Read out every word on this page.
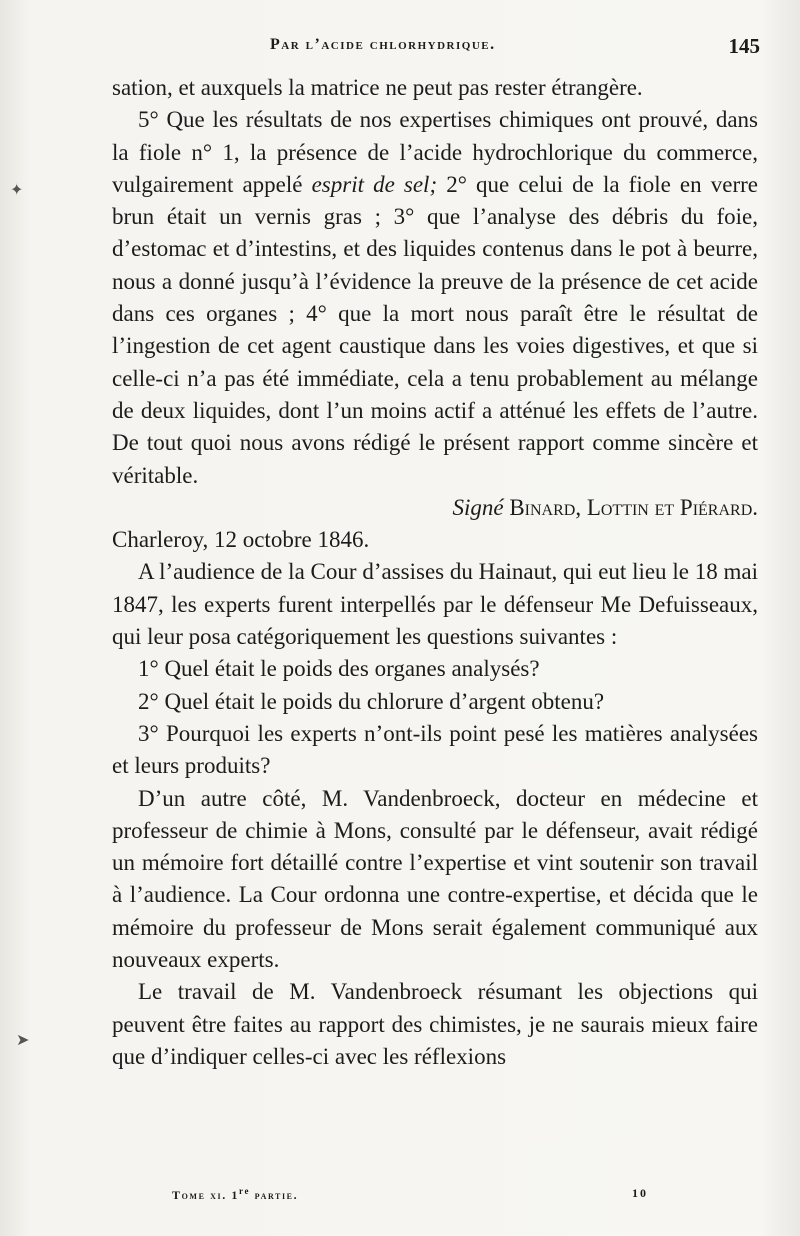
✦
➤
Par l’acide chlorhydrique.	145

sation, et auxquels la matrice ne peut pas rester étrangère.

5° Que les résultats de nos expertises chimiques ont prouvé, dans la fiole n° 1, la présence de l’acide hydrochlorique du commerce, vulgairement appelé esprit de sel; 2° que celui de la fiole en verre brun était un vernis gras ; 3° que l’analyse des débris du foie, d’estomac et d’intestins, et des liquides contenus dans le pot à beurre, nous a donné jusqu’à l’évidence la preuve de la présence de cet acide dans ces organes ; 4° que la mort nous paraît être le résultat de l’ingestion de cet agent caustique dans les voies digestives, et que si celle-ci n’a pas été immédiate, cela a tenu probablement au mélange de deux liquides, dont l’un moins actif a atténué les effets de l’autre. De tout quoi nous avons rédigé le présent rapport comme sincère et véritable.

Signé Binard, Lottin et Piérard.

Charleroy, 12 octobre 1846.

A l’audience de la Cour d’assises du Hainaut, qui eut lieu le 18 mai 1847, les experts furent interpellés par le défenseur Me Defuisseaux, qui leur posa catégoriquement les questions suivantes :

1° Quel était le poids des organes analysés?

2° Quel était le poids du chlorure d’argent obtenu?

3° Pourquoi les experts n’ont-ils point pesé les matières analysées et leurs produits?

D’un autre côté, M. Vandenbroeck, docteur en médecine et professeur de chimie à Mons, consulté par le défenseur, avait rédigé un mémoire fort détaillé contre l’expertise et vint soutenir son travail à l’audience. La Cour ordonna une contre-expertise, et décida que le mémoire du professeur de Mons serait également communiqué aux nouveaux experts.

Le travail de M. Vandenbroeck résumant les objections qui peuvent être faites au rapport des chimistes, je ne saurais mieux faire que d’indiquer celles-ci avec les réflexions

Tome xi. 1re partie.	10
